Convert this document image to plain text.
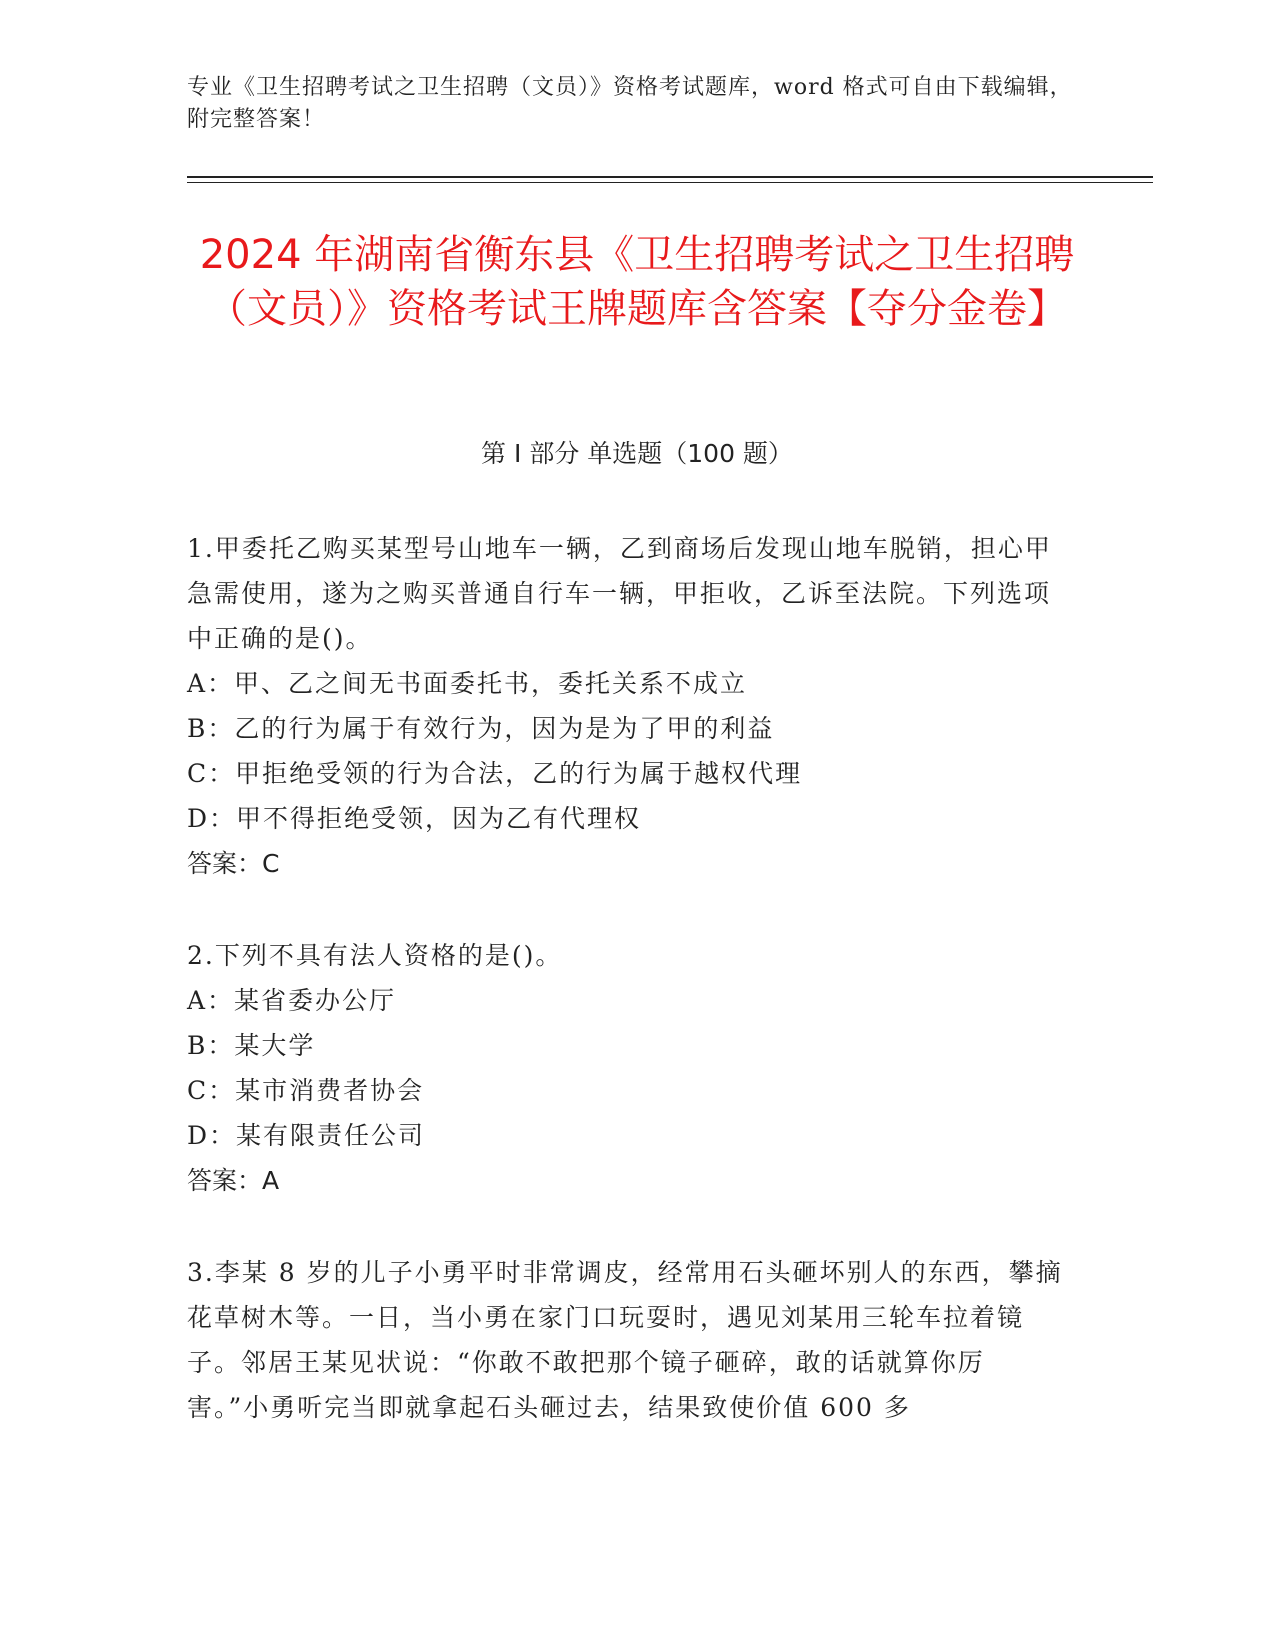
专业《卫生招聘考试之卫生招聘（文员）》资格考试题库，word 格式可自由下载编辑，附完整答案！
2024 年湖南省衡东县《卫生招聘考试之卫生招聘（文员）》资格考试王牌题库含答案【夺分金卷】
第 I 部分 单选题（100 题）
1.甲委托乙购买某型号山地车一辆，乙到商场后发现山地车脱销，担心甲急需使用，遂为之购买普通自行车一辆，甲拒收，乙诉至法院。下列选项中正确的是()。
A：甲、乙之间无书面委托书，委托关系不成立
B：乙的行为属于有效行为，因为是为了甲的利益
C：甲拒绝受领的行为合法，乙的行为属于越权代理
D：甲不得拒绝受领，因为乙有代理权
答案：C
2.下列不具有法人资格的是()。
A：某省委办公厅
B：某大学
C：某市消费者协会
D：某有限责任公司
答案：A
3.李某 8 岁的儿子小勇平时非常调皮，经常用石头砸坏别人的东西，攀摘花草树木等。一日，当小勇在家门口玩耍时，遇见刘某用三轮车拉着镜子。邻居王某见状说：“你敢不敢把那个镜子砸碎，敢的话就算你厉害。”小勇听完当即就拿起石头砸过去，结果致使价值 600 多
